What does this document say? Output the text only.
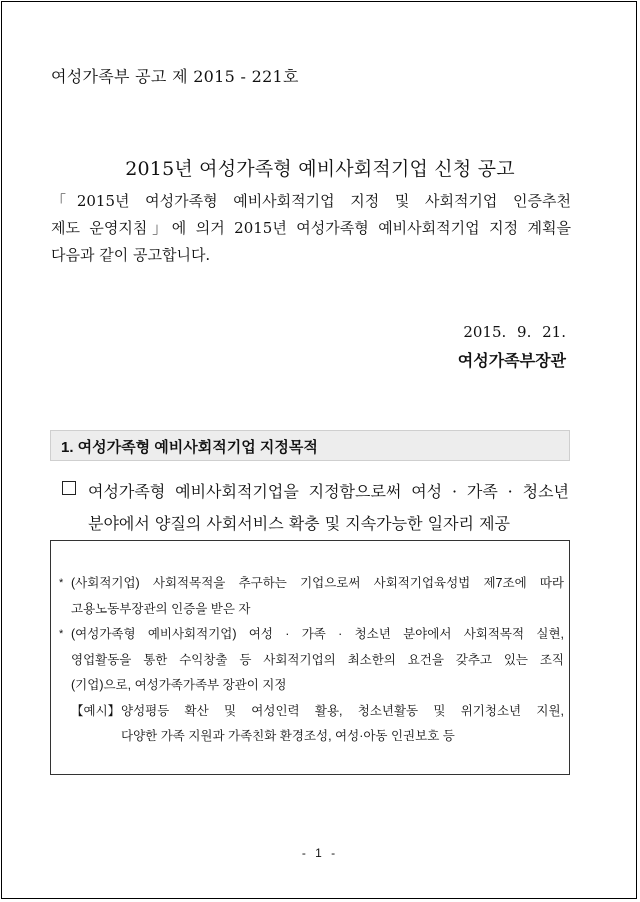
여성가족부 공고 제 2015 - 221호
2015년 여성가족형 예비사회적기업 신청 공고
「2015년 여성가족형 예비사회적기업 지정 및 사회적기업 인증추천
제도 운영지침」에 의거 2015년 여성가족형 예비사회적기업 지정 계획을
다음과 같이 공고합니다.
2015. 9. 21.
여성가족부장관
1. 여성가족형 예비사회적기업 지정목적
여성가족형 예비사회적기업을 지정함으로써 여성 · 가족 · 청소년
분야에서 양질의 사회서비스 확충 및 지속가능한 일자리 제공
* (사회적기업) 사회적목적을 추구하는 기업으로써 사회적기업육성법 제7조에 따라
고용노동부장관의 인증을 받은 자
* (여성가족형 예비사회적기업) 여성 · 가족 · 청소년 분야에서 사회적목적 실현,
영업활동을 통한 수익창출 등 사회적기업의 최소한의 요건을 갖추고 있는 조직
(기업)으로, 여성가족가족부 장관이 지정
【예시】 양성평등 확산 및 여성인력 활용, 청소년활동 및 위기청소년 지원,
다양한 가족 지원과 가족친화 환경조성, 여성·아동 인권보호 등
- 1 -
